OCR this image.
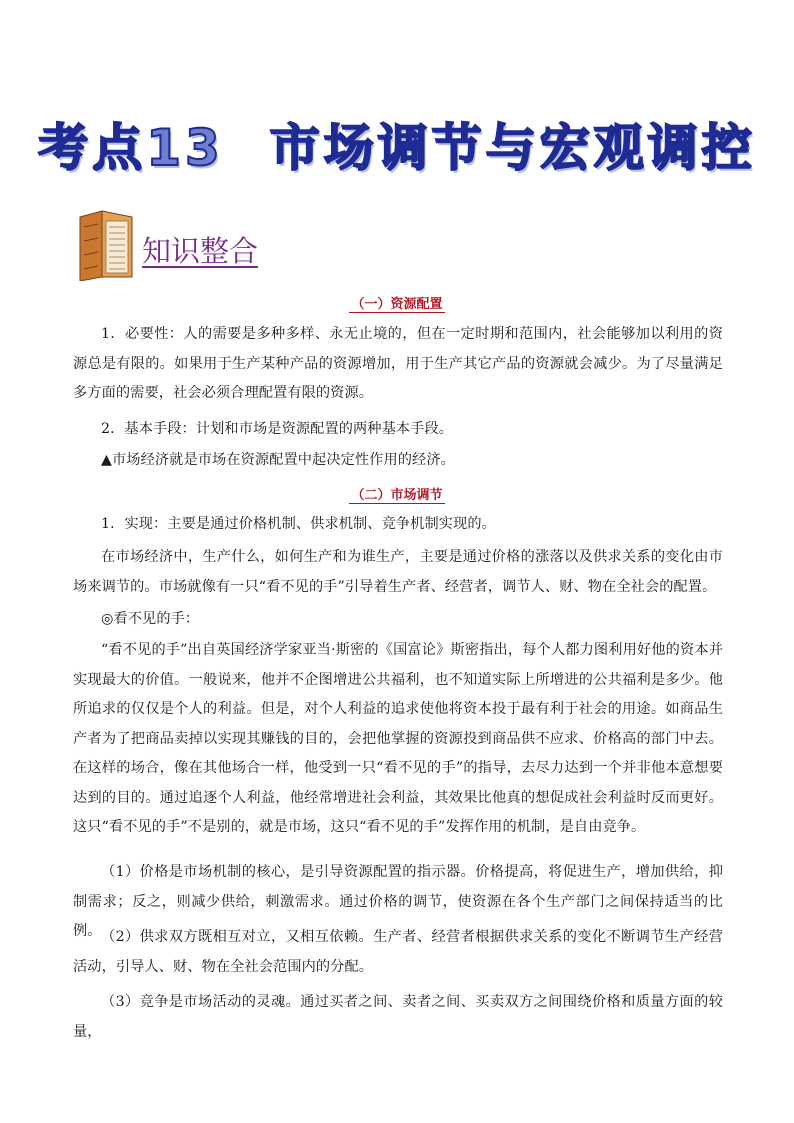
考点13 市场调节与宏观调控
知识整合
（一）资源配置

1．必要性：人的需要是多种多样、永无止境的，但在一定时期和范围内，社会能够加以利用的资源总是有限的。如果用于生产某种产品的资源增加，用于生产其它产品的资源就会减少。为了尽量满足多方面的需要，社会必须合理配置有限的资源。

2．基本手段：计划和市场是资源配置的两种基本手段。

▲市场经济就是市场在资源配置中起决定性作用的经济。

（二）市场调节

1．实现：主要是通过价格机制、供求机制、竞争机制实现的。

在市场经济中，生产什么，如何生产和为谁生产，主要是通过价格的涨落以及供求关系的变化由市场来调节的。市场就像有一只“看不见的手”引导着生产者、经营者，调节人、财、物在全社会的配置。

◎看不见的手：

“看不见的手”出自英国经济学家亚当·斯密的《国富论》斯密指出，每个人都力图利用好他的资本并实现最大的价值。一般说来，他并不企图增进公共福利，也不知道实际上所增进的公共福利是多少。他所追求的仅仅是个人的利益。但是，对个人利益的追求使他将资本投于最有利于社会的用途。如商品生产者为了把商品卖掉以实现其赚钱的目的，会把他掌握的资源投到商品供不应求、价格高的部门中去。在这样的场合，像在其他场合一样，他受到一只“看不见的手”的指导，去尽力达到一个并非他本意想要达到的目的。通过追逐个人利益，他经常增进社会利益，其效果比他真的想促成社会利益时反而更好。这只“看不见的手”不是别的，就是市场，这只“看不见的手”发挥作用的机制，是自由竞争。

（1）价格是市场机制的核心，是引导资源配置的指示器。价格提高，将促进生产，增加供给，抑制需求；反之，则减少供给，刺激需求。通过价格的调节，使资源在各个生产部门之间保持适当的比例。 （2）供求双方既相互对立，又相互依赖。生产者、经营者根据供求关系的变化不断调节生产经营活动，引导人、财、物在全社会范围内的分配。

（3）竞争是市场活动的灵魂。通过买者之间、卖者之间、买卖双方之间围绕价格和质量方面的较量，
